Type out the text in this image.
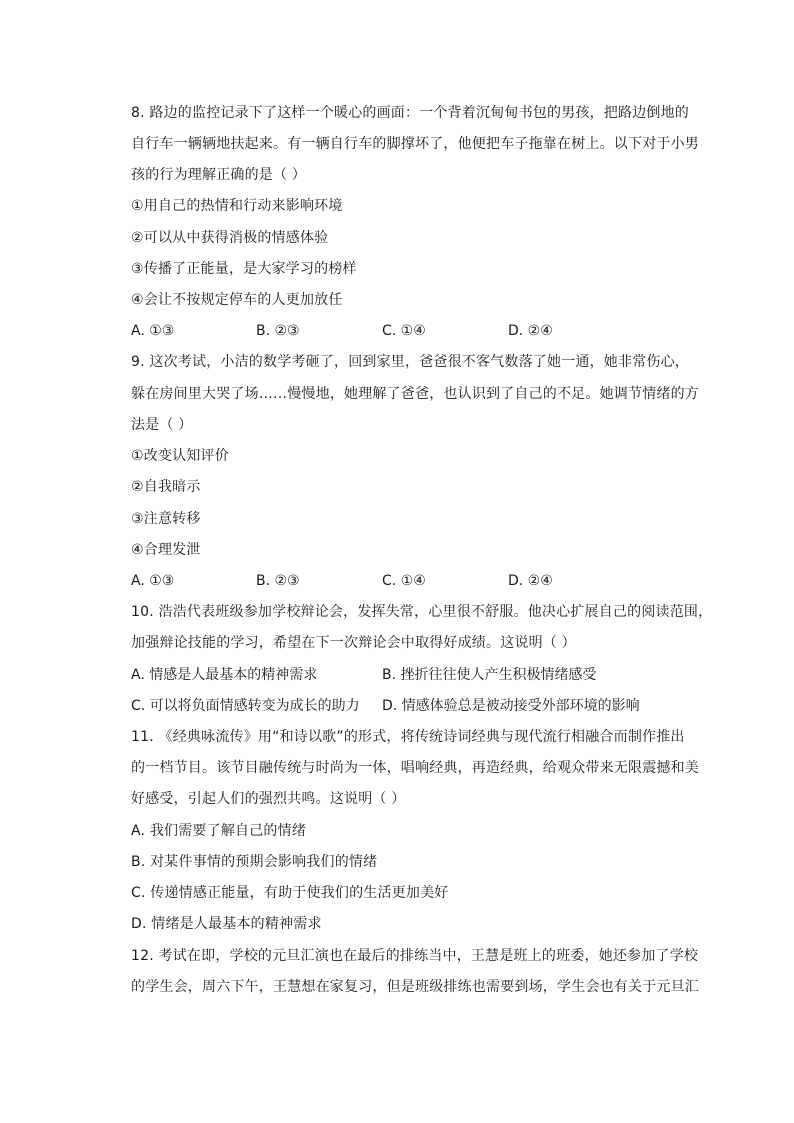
8. 路边的监控记录下了这样一个暖心的画面：一个背着沉甸甸书包的男孩，把路边倒地的
自行车一辆辆地扶起来。有一辆自行车的脚撑坏了，他便把车子拖靠在树上。以下对于小男
孩的行为理解正确的是（ ）
①用自己的热情和行动来影响环境
②可以从中获得消极的情感体验
③传播了正能量，是大家学习的榜样
④会让不按规定停车的人更加放任
A. ①③	B. ②③	C. ①④	D. ②④
9. 这次考试，小洁的数学考砸了，回到家里，爸爸很不客气数落了她一通，她非常伤心，
躲在房间里大哭了场……慢慢地，她理解了爸爸，也认识到了自己的不足。她调节情绪的方
法是（ ）
①改变认知评价
②自我暗示
③注意转移
④合理发泄
A. ①③	B. ②③	C. ①④	D. ②④
10. 浩浩代表班级参加学校辩论会，发挥失常，心里很不舒服。他决心扩展自己的阅读范围，
加强辩论技能的学习，希望在下一次辩论会中取得好成绩。这说明（ ）
A. 情感是人最基本的精神需求	B. 挫折往往使人产生积极情绪感受
C. 可以将负面情感转变为成长的助力 D. 情感体验总是被动接受外部环境的影响
11. 《经典咏流传》用“和诗以歌”的形式，将传统诗词经典与现代流行相融合而制作推出
的一档节目。该节目融传统与时尚为一体，唱响经典，再造经典，给观众带来无限震撼和美
好感受，引起人们的强烈共鸣。这说明（ ）
A. 我们需要了解自己的情绪
B. 对某件事情的预期会影响我们的情绪
C. 传递情感正能量，有助于使我们的生活更加美好
D. 情绪是人最基本的精神需求
12. 考试在即，学校的元旦汇演也在最后的排练当中，王慧是班上的班委，她还参加了学校
的学生会，周六下午，王慧想在家复习，但是班级排练也需要到场，学生会也有关于元旦汇
